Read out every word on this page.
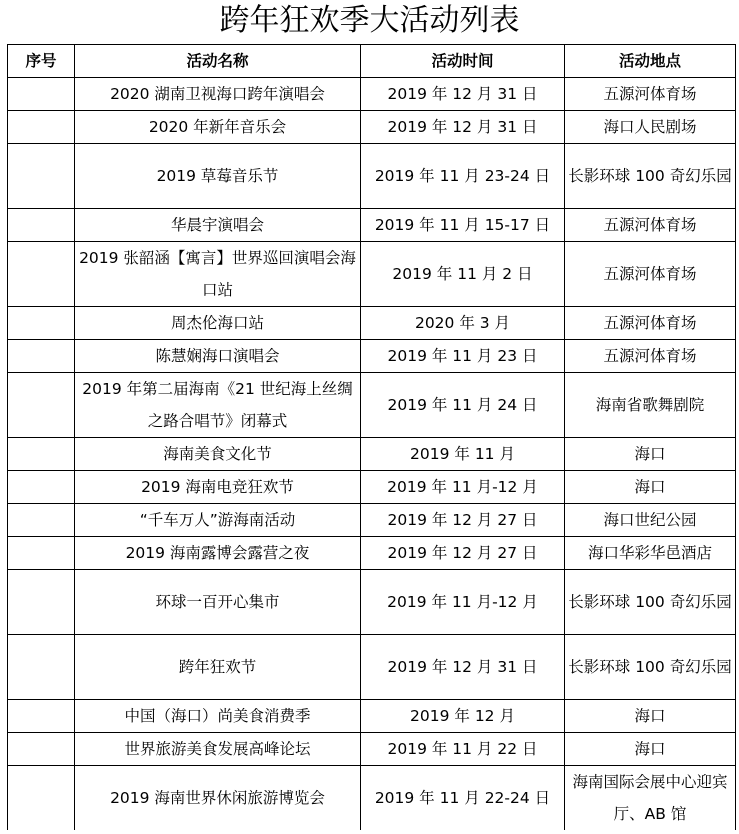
跨年狂欢季大活动列表
序号	活动名称	活动时间	活动地点
	2020 湖南卫视海口跨年演唱会	2019 年 12 月 31 日	五源河体育场
	2020 年新年音乐会	2019 年 12 月 31 日	海口人民剧场
	2019 草莓音乐节	2019 年 11 月 23-24 日	长影环球 100 奇幻乐园
	华晨宇演唱会	2019 年 11 月 15-17 日	五源河体育场
	2019 张韶涵【寓言】世界巡回演唱会海口站	2019 年 11 月 2 日	五源河体育场
	周杰伦海口站	2020 年 3 月	五源河体育场
	陈慧娴海口演唱会	2019 年 11 月 23 日	五源河体育场
	2019 年第二届海南《21 世纪海上丝绸之路合唱节》闭幕式	2019 年 11 月 24 日	海南省歌舞剧院
	海南美食文化节	2019 年 11 月	海口
	2019 海南电竞狂欢节	2019 年 11 月-12 月	海口
	“千车万人”游海南活动	2019 年 12 月 27 日	海口世纪公园
	2019 海南露博会露营之夜	2019 年 12 月 27 日	海口华彩华邑酒店
	环球一百开心集市	2019 年 11 月-12 月	长影环球 100 奇幻乐园
	跨年狂欢节	2019 年 12 月 31 日	长影环球 100 奇幻乐园
	中国（海口）尚美食消费季	2019 年 12 月	海口
	世界旅游美食发展高峰论坛	2019 年 11 月 22 日	海口
	2019 海南世界休闲旅游博览会	2019 年 11 月 22-24 日	海南国际会展中心迎宾厅、AB 馆
